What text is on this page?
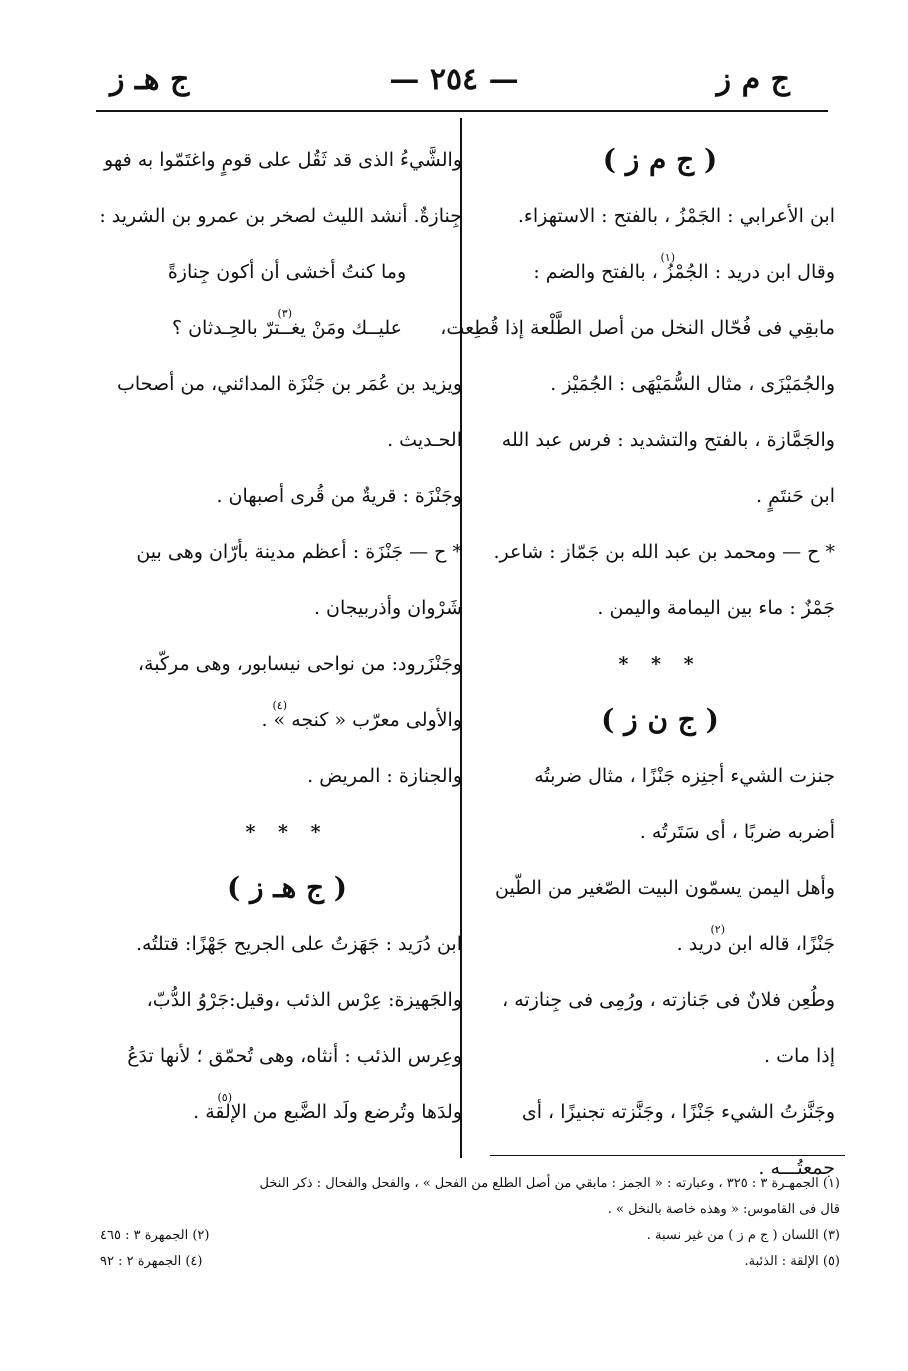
ج م ز
— ٢٥٤ —
ج هـ ز
( ج م ز )
ابن الأعرابي : الجَمْزُ ، بالفتح : الاستهزاء.
وقال ابن دريد : الجُمْزُ ، بالفتح والضم :
(١)
مابقِي فى فُحّال النخل من أصل الطَّلْعة إذا قُطِعت،
والجُمَيْزَى ، مثال السُّمَيْهَى : الجُمَيْز .
والجَمَّازة ، بالفتح والتشديد : فرس عبد الله
ابن حَنتَمٍ .
* ح — ومحمد بن عبد الله بن جَمّاز : شاعر.
جَمْزٌ : ماء بين اليمامة واليمن .
* * *
( ج ن ز )
جنزت الشيء أجنِزه جَنْزًا ، مثال ضربتُه
أضربه ضربًا ، أى سَتَرتُه .
وأهل اليمن يسمّون البيت الصّغير من الطّين
جَنْزًا، قاله ابن دريد .
(٢)
وطُعِن فلانٌ فى جَنازته ، ورُمِى فى جِنازته ،
إذا مات .
وجَنَّزتُ الشيء جَنْزًا ، وجَنَّزته تجنيزًا ، أى
جمعتُـــه .
والشَّيءُ الذى قد ثَقُل على قومٍ واغتَمّوا به فهو
جِنازةٌ. أنشد الليث لصخر بن عمرو بن الشريد :
وما كنتُ أخشى أن أكون جِنازةً
عليــك ومَنْ يغــترّ بالحِـدثان ؟
(٣)
ويزيد بن عُمَر بن جَنْزَة المدائني، من أصحاب
الحـديث .
وجَنْزَة : قريةٌ من قُرى أصبهان .
* ح — جَنْزَة : أعظم مدينة بأرّان وهى بين
شَرْوان وأذربيجان .
وجَنْزَرود: من نواحى نيسابور، وهى مركّبة،
والأولى معرّب « كنجه » .
(٤)
والجنازة : المريض .
* * *
( ج هـ ز )
ابن دُرَيد : جَهَزتُ على الجريح جَهْزًا: قتلتُه.
والجَهيزة: عِرْس الذئب ،وقيل:جَرْوُ الدُّبّ،
وعِرس الذئب : أنثاه، وهى تُحمّق ؛ لأنها تدَعُ
ولدَها وتُرضع ولَد الضَّبع من الإلقة .
(٥)
(١) الجمهـرة ٣ : ٣٢٥ ، وعبارته : « الجمز : مابقي من أصل الطلع من الفحل » ، والفحل والفحال : ذكر النخل
قال فى القاموس: « وهذه خاصة بالنخل » .
(٣) اللسان ( ج م ز ) من غير نسبة .
(٢) الجمهرة ٣ : ٤٦٥
(٥) الإلقة : الذئبة.
(٤) الجمهرة ٢ : ٩٢
